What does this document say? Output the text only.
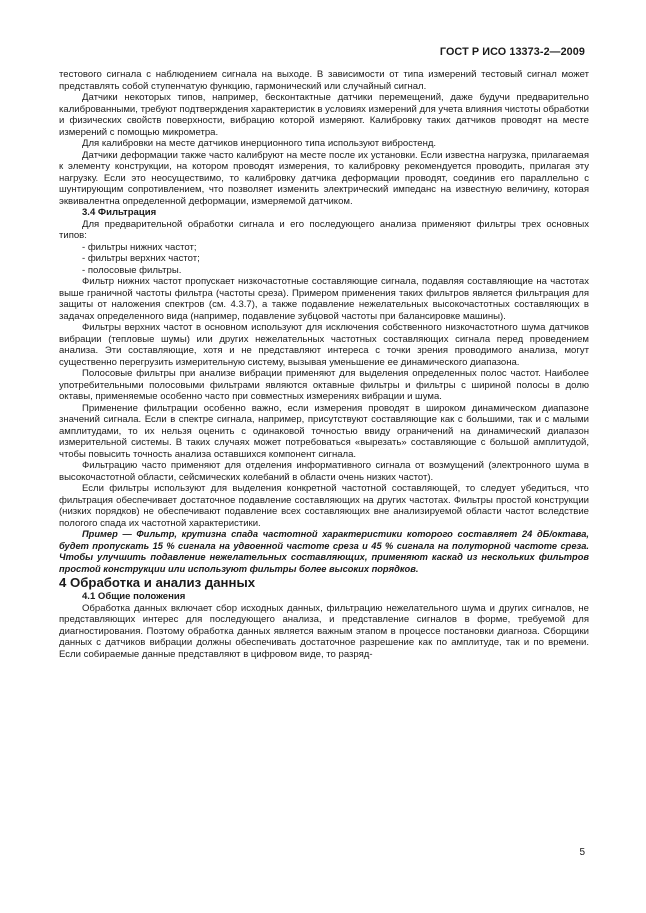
ГОСТ Р ИСО 13373-2—2009

тестового сигнала с наблюдением сигнала на выходе. В зависимости от типа измерений тестовый сигнал может представлять собой ступенчатую функцию, гармонический или случайный сигнал.

Датчики некоторых типов, например, бесконтактные датчики перемещений, даже будучи предварительно калиброванными, требуют подтверждения характеристик в условиях измерений для учета влияния чистоты обработки и физических свойств поверхности, вибрацию которой измеряют. Калибровку таких датчиков проводят на месте измерений с помощью микрометра.

Для калибровки на месте датчиков инерционного типа используют вибростенд.

Датчики деформации также часто калибруют на месте после их установки. Если известна нагрузка, прилагаемая к элементу конструкции, на котором проводят измерения, то калибровку рекомендуется проводить, прилагая эту нагрузку. Если это неосуществимо, то калибровку датчика деформации проводят, соединив его параллельно с шунтирующим сопротивлением, что позволяет изменить электрический импеданс на известную величину, которая эквивалентна определенной деформации, измеряемой датчиком.

3.4 Фильтрация

Для предварительной обработки сигнала и его последующего анализа применяют фильтры трех основных типов:

- фильтры нижних частот;

- фильтры верхних частот;

- полосовые фильтры.

Фильтр нижних частот пропускает низкочастотные составляющие сигнала, подавляя составляющие на частотах выше граничной частоты фильтра (частоты среза). Примером применения таких фильтров является фильтрация для защиты от наложения спектров (см. 4.3.7), а также подавление нежелательных высокочастотных составляющих в задачах определенного вида (например, подавление зубцовой частоты при балансировке машины).

Фильтры верхних частот в основном используют для исключения собственного низкочастотного шума датчиков вибрации (тепловые шумы) или других нежелательных частотных составляющих сигнала перед проведением анализа. Эти составляющие, хотя и не представляют интереса с точки зрения проводимого анализа, могут существенно перегрузить измерительную систему, вызывая уменьшение ее динамического диапазона.

Полосовые фильтры при анализе вибрации применяют для выделения определенных полос частот. Наиболее употребительными полосовыми фильтрами являются октавные фильтры и фильтры с шириной полосы в долю октавы, применяемые особенно часто при совместных измерениях вибрации и шума.

Применение фильтрации особенно важно, если измерения проводят в широком динамическом диапазоне значений сигнала. Если в спектре сигнала, например, присутствуют составляющие как с большими, так и с малыми амплитудами, то их нельзя оценить с одинаковой точностью ввиду ограничений на динамический диапазон измерительной системы. В таких случаях может потребоваться «вырезать» составляющие с большой амплитудой, чтобы повысить точность анализа оставшихся компонент сигнала.

Фильтрацию часто применяют для отделения информативного сигнала от возмущений (электронного шума в высокочастотной области, сейсмических колебаний в области очень низких частот).

Если фильтры используют для выделения конкретной частотной составляющей, то следует убедиться, что фильтрация обеспечивает достаточное подавление составляющих на других частотах. Фильтры простой конструкции (низких порядков) не обеспечивают подавление всех составляющих вне анализируемой области частот вследствие пологого спада их частотной характеристики.

Пример — Фильтр, крутизна спада частотной характеристики которого составляет 24 дБ/октава, будет пропускать 15 % сигнала на удвоенной частоте среза и 45 % сигнала на полуторной частоте среза. Чтобы улучшить подавление нежелательных составляющих, применяют каскад из нескольких фильтров простой конструкции или используют фильтры более высоких порядков.

4 Обработка и анализ данных

4.1 Общие положения

Обработка данных включает сбор исходных данных, фильтрацию нежелательного шума и других сигналов, не представляющих интерес для последующего анализа, и представление сигналов в форме, требуемой для диагностирования. Поэтому обработка данных является важным этапом в процессе постановки диагноза. Сборщики данных с датчиков вибрации должны обеспечивать достаточное разрешение как по амплитуде, так и по времени. Если собираемые данные представляют в цифровом виде, то разряд-

5
